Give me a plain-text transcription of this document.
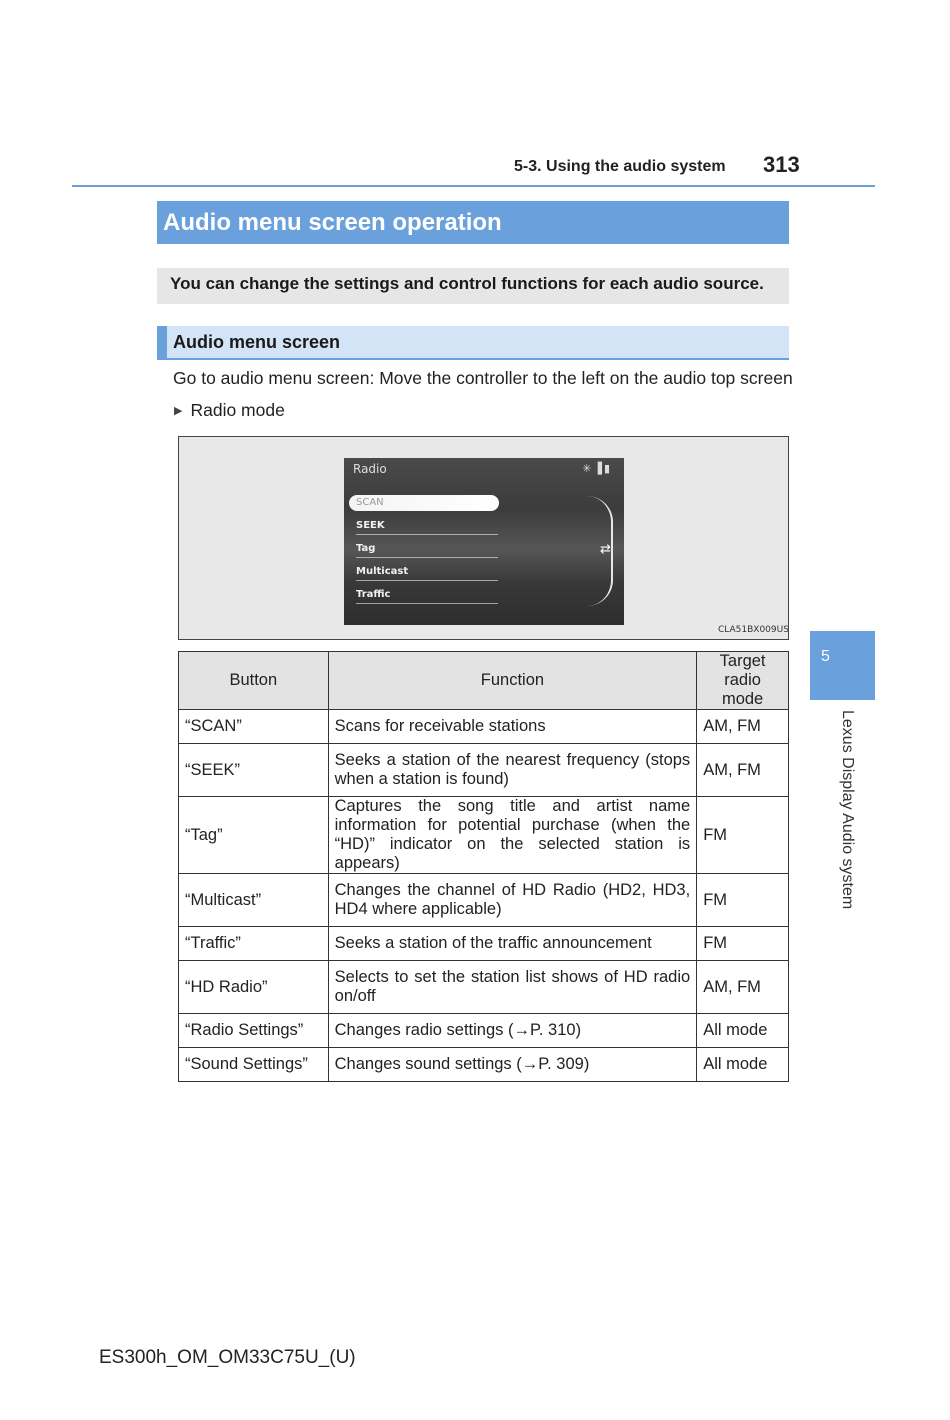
5-3. Using the audio system 313
Audio menu screen operation
You can change the settings and control functions for each audio source.
Audio menu screen
Go to audio menu screen: Move the controller to the left on the audio top screen
▶ Radio mode
Radio	✳▐▮
SCAN
SEEK
Tag
Multicast
Traffic
⇄
CLA51BX009US
Button	Function	Target radio mode
“SCAN”	Scans for receivable stations	AM, FM
“SEEK”	Seeks a station of the nearest frequency (stops when a station is found)	AM, FM
“Tag”	Captures the song title and artist name information for potential purchase (when the “HD)” indicator on the selected station is appears)	FM
“Multicast”	Changes the channel of HD Radio (HD2, HD3, HD4 where applicable)	FM
“Traffic”	Seeks a station of the traffic announcement	FM
“HD Radio”	Selects to set the station list shows of HD radio on/off	AM, FM
“Radio Settings”	Changes radio settings (→P. 310)	All mode
“Sound Settings”	Changes sound settings (→P. 309)	All mode
5
Lexus Display Audio system
ES300h_OM_OM33C75U_(U)
